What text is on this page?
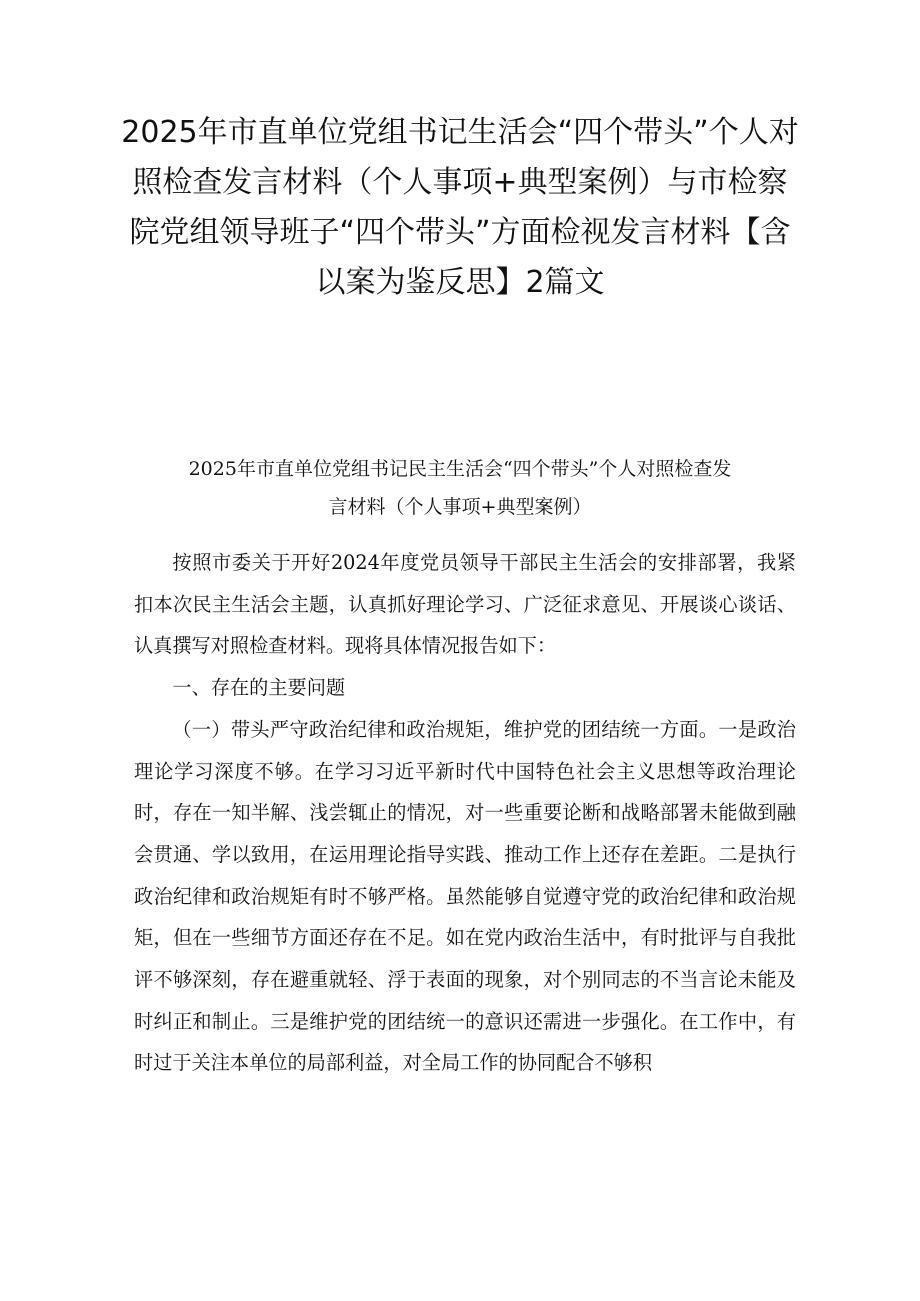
2025年市直单位党组书记生活会“四个带头”个人对照检查发言材料（个人事项+典型案例）与市检察院党组领导班子“四个带头”方面检视发言材料【含以案为鉴反思】2篇文
2025年市直单位党组书记民主生活会“四个带头”个人对照检查发
言材料（个人事项+典型案例）

按照市委关于开好2024年度党员领导干部民主生活会的安排部署，我紧扣本次民主生活会主题，认真抓好理论学习、广泛征求意见、开展谈心谈话、认真撰写对照检查材料。现将具体情况报告如下：

一、存在的主要问题

（一）带头严守政治纪律和政治规矩，维护党的团结统一方面。一是政治理论学习深度不够。在学习习近平新时代中国特色社会主义思想等政治理论时，存在一知半解、浅尝辄止的情况，对一些重要论断和战略部署未能做到融会贯通、学以致用，在运用理论指导实践、推动工作上还存在差距。二是执行政治纪律和政治规矩有时不够严格。虽然能够自觉遵守党的政治纪律和政治规矩，但在一些细节方面还存在不足。如在党内政治生活中，有时批评与自我批评不够深刻，存在避重就轻、浮于表面的现象，对个别同志的不当言论未能及时纠正和制止。三是维护党的团结统一的意识还需进一步强化。在工作中，有时过于关注本单位的局部利益，对全局工作的协同配合不够积
